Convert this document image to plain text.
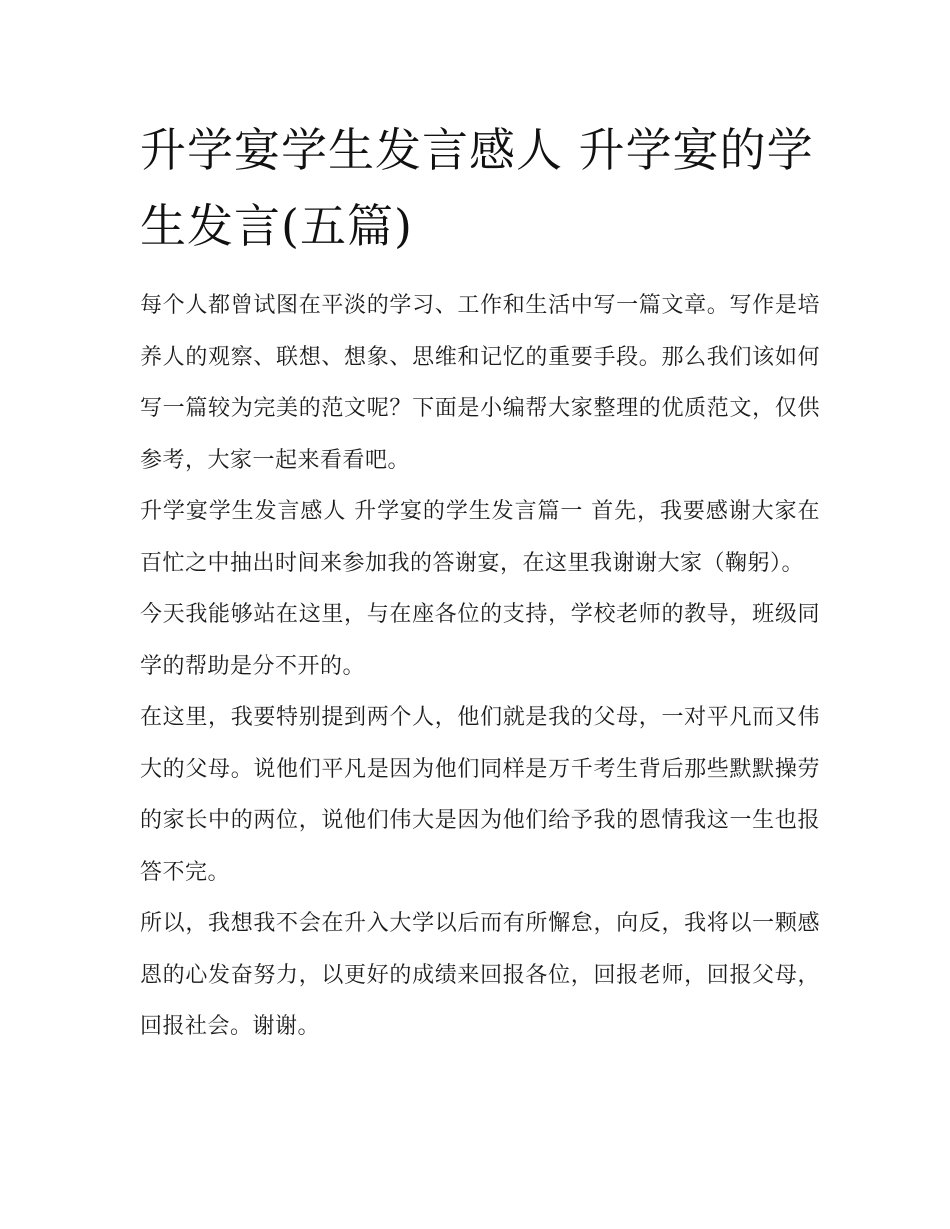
升学宴学生发言感人 升学宴的学生发言(五篇)

每个人都曾试图在平淡的学习、工作和生活中写一篇文章。写作是培养人的观察、联想、想象、思维和记忆的重要手段。那么我们该如何写一篇较为完美的范文呢？下面是小编帮大家整理的优质范文，仅供参考，大家一起来看看吧。

升学宴学生发言感人 升学宴的学生发言篇一 首先，我要感谢大家在百忙之中抽出时间来参加我的答谢宴，在这里我谢谢大家（鞠躬）。

今天我能够站在这里，与在座各位的支持，学校老师的教导，班级同学的帮助是分不开的。

在这里，我要特别提到两个人，他们就是我的父母，一对平凡而又伟大的父母。说他们平凡是因为他们同样是万千考生背后那些默默操劳的家长中的两位，说他们伟大是因为他们给予我的恩情我这一生也报答不完。

所以，我想我不会在升入大学以后而有所懈怠，向反，我将以一颗感恩的心发奋努力，以更好的成绩来回报各位，回报老师，回报父母，回报社会。谢谢。
